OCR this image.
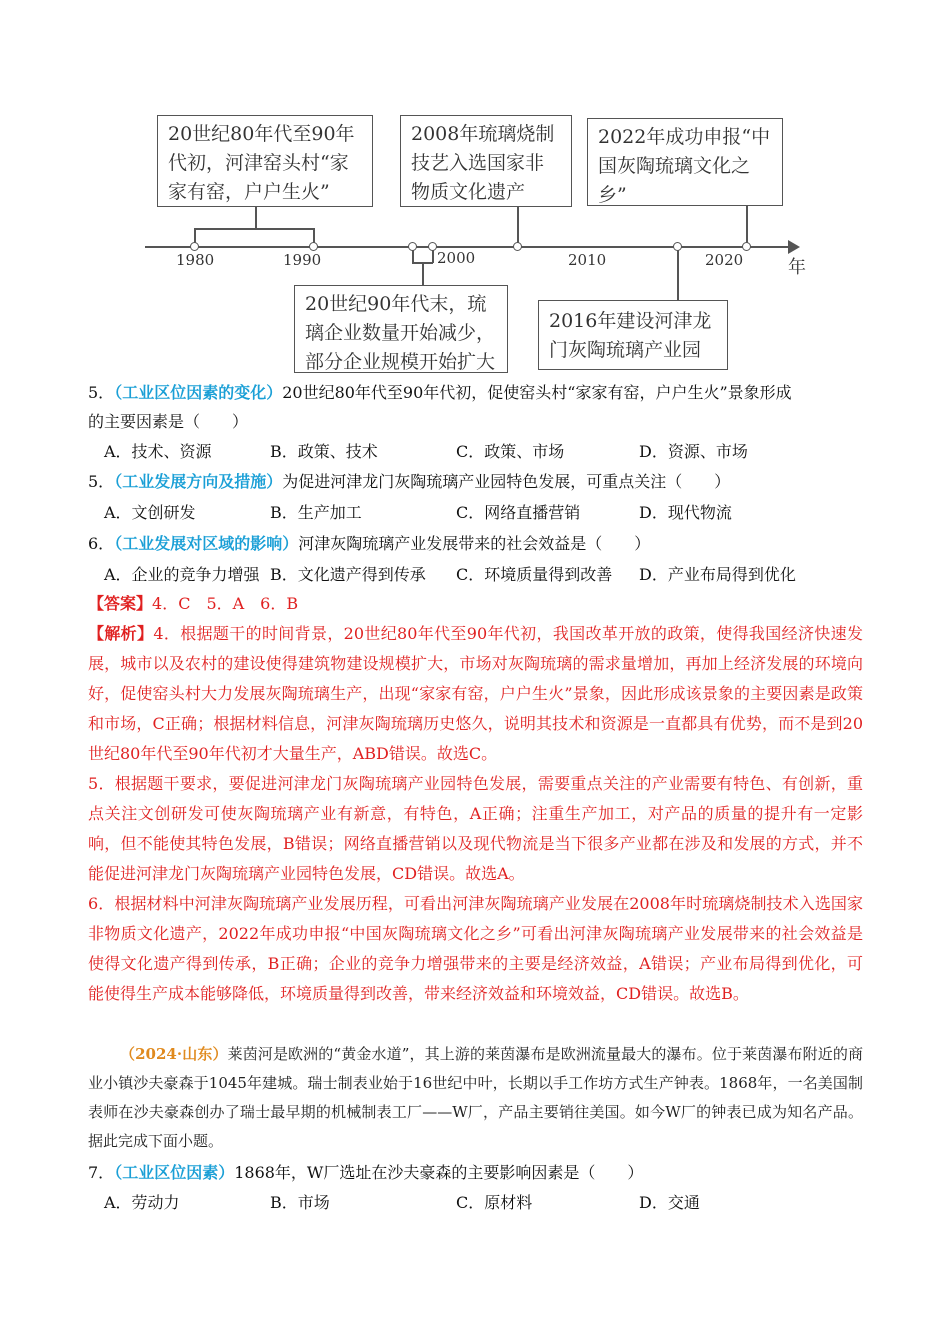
20世纪80年代至90年代初，河津窑头村“家家有窑，户户生火”
2008年琉璃烧制技艺入选国家非物质文化遗产
2022年成功申报“中国灰陶琉璃文化之乡”
20世纪90年代末，琉璃企业数量开始减少，部分企业规模开始扩大
2016年建设河津龙门灰陶琉璃产业园
1980	1990	2000	2010	2020 年
5．（工业区位因素的变化）20世纪80年代至90年代初，促使窑头村“家家有窑，户户生火”景象形成
的主要因素是（　　）
A．技术、资源	B．政策、技术	C．政策、市场	D．资源、市场
5．（工业发展方向及措施）为促进河津龙门灰陶琉璃产业园特色发展，可重点关注（　　）
A．文创研发	B．生产加工	C．网络直播营销	D．现代物流
6．（工业发展对区域的影响）河津灰陶琉璃产业发展带来的社会效益是（　　）
A．企业的竞争力增强 B．文化遗产得到传承 C．环境质量得到改善 D．产业布局得到优化
【答案】4．C　5．A　6．B
【解析】4．根据题干的时间背景，20世纪80年代至90年代初，我国改革开放的政策，使得我国经济快速发展，城市以及农村的建设使得建筑物建设规模扩大，市场对灰陶琉璃的需求量增加，再加上经济发展的环境向好，促使窑头村大力发展灰陶琉璃生产，出现“家家有窑，户户生火”景象，因此形成该景象的主要因素是政策和市场，C正确；根据材料信息，河津灰陶琉璃历史悠久，说明其技术和资源是一直都具有优势，而不是到20世纪80年代至90年代初才大量生产，ABD错误。故选C。
5．根据题干要求，要促进河津龙门灰陶琉璃产业园特色发展，需要重点关注的产业需要有特色、有创新，重点关注文创研发可使灰陶琉璃产业有新意，有特色，A正确；注重生产加工，对产品的质量的提升有一定影响，但不能使其特色发展，B错误；网络直播营销以及现代物流是当下很多产业都在涉及和发展的方式，并不能促进河津龙门灰陶琉璃产业园特色发展，CD错误。故选A。
6．根据材料中河津灰陶琉璃产业发展历程，可看出河津灰陶琉璃产业发展在2008年时琉璃烧制技术入选国家非物质文化遗产，2022年成功申报“中国灰陶琉璃文化之乡”可看出河津灰陶琉璃产业发展带来的社会效益是使得文化遗产得到传承，B正确；企业的竞争力增强带来的主要是经济效益，A错误；产业布局得到优化，可能使得生产成本能够降低，环境质量得到改善，带来经济效益和环境效益，CD错误。故选B。
（2024·山东）莱茵河是欧洲的“黄金水道”，其上游的莱茵瀑布是欧洲流量最大的瀑布。位于莱茵瀑布附近的商业小镇沙夫豪森于1045年建城。瑞士制表业始于16世纪中叶，长期以手工作坊方式生产钟表。1868年，一名美国制表师在沙夫豪森创办了瑞士最早期的机械制表工厂——W厂，产品主要销往美国。如今W厂的钟表已成为知名产品。据此完成下面小题。
7．（工业区位因素）1868年，W厂选址在沙夫豪森的主要影响因素是（　　）
A．劳动力	B．市场	C．原材料	D．交通
